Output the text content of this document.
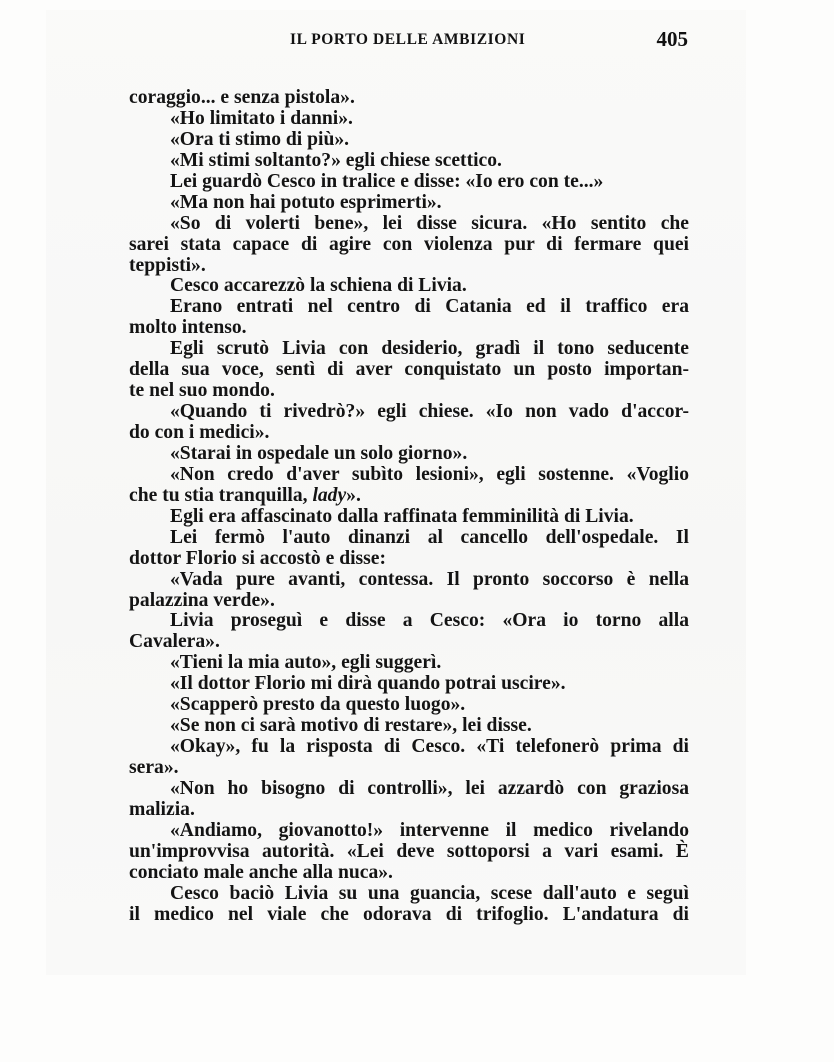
IL PORTO DELLE AMBIZIONI	405
coraggio... e senza pistola».
«Ho limitato i danni».
«Ora ti stimo di più».
«Mi stimi soltanto?» egli chiese scettico.
Lei guardò Cesco in tralice e disse: «Io ero con te...»
«Ma non hai potuto esprimerti».
«So di volerti bene», lei disse sicura. «Ho sentito che
sarei stata capace di agire con violenza pur di fermare quei
teppisti».
Cesco accarezzò la schiena di Livia.
Erano entrati nel centro di Catania ed il traffico era
molto intenso.
Egli scrutò Livia con desiderio, gradì il tono seducente
della sua voce, sentì di aver conquistato un posto importan-
te nel suo mondo.
«Quando ti rivedrò?» egli chiese. «Io non vado d'accor-
do con i medici».
«Starai in ospedale un solo giorno».
«Non credo d'aver subìto lesioni», egli sostenne. «Voglio
che tu stia tranquilla, lady».
Egli era affascinato dalla raffinata femminilità di Livia.
Lei fermò l'auto dinanzi al cancello dell'ospedale. Il
dottor Florio si accostò e disse:
«Vada pure avanti, contessa. Il pronto soccorso è nella
palazzina verde».
Livia proseguì e disse a Cesco: «Ora io torno alla
Cavalera».
«Tieni la mia auto», egli suggerì.
«Il dottor Florio mi dirà quando potrai uscire».
«Scapperò presto da questo luogo».
«Se non ci sarà motivo di restare», lei disse.
«Okay», fu la risposta di Cesco. «Ti telefonerò prima di
sera».
«Non ho bisogno di controlli», lei azzardò con graziosa
malizia.
«Andiamo, giovanotto!» intervenne il medico rivelando
un'improvvisa autorità. «Lei deve sottoporsi a vari esami. È
conciato male anche alla nuca».
Cesco baciò Livia su una guancia, scese dall'auto e seguì
il medico nel viale che odorava di trifoglio. L'andatura di
